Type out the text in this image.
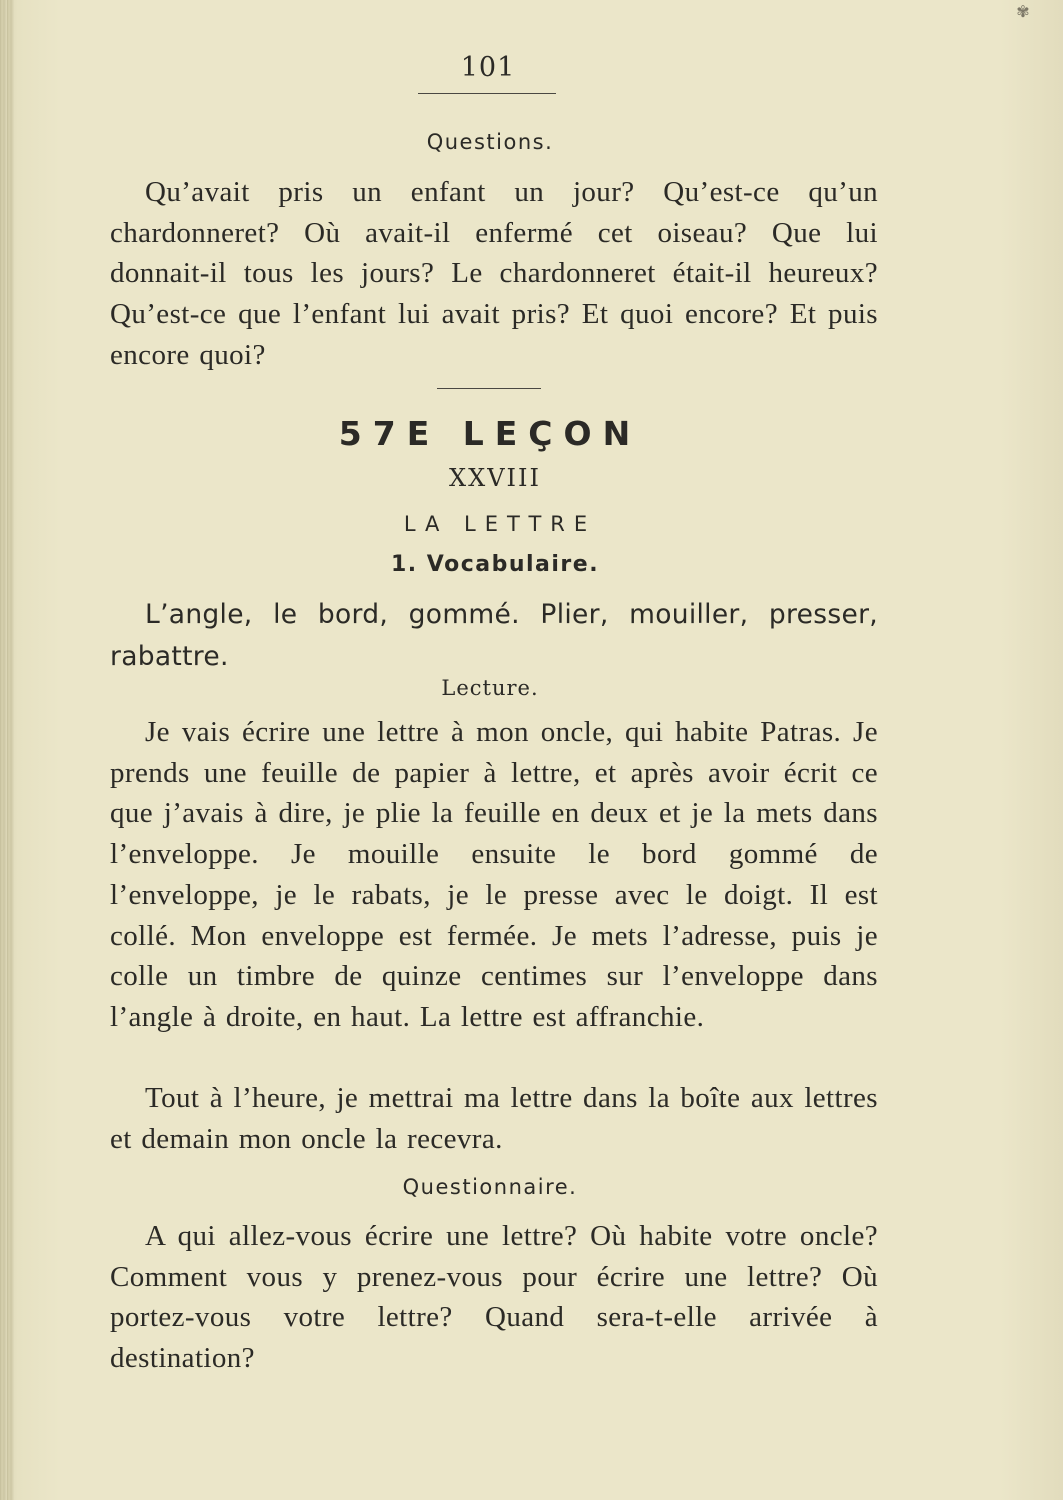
✾
101
Questions.

Qu’avait pris un enfant un jour? Qu’est-ce qu’un chardonneret? Où avait-il enfermé cet oiseau? Que lui donnait-il tous les jours? Le chardonneret était-il heureux? Qu’est-ce que l’enfant lui avait pris? Et quoi encore? Et puis encore quoi?

57E LEÇON
XXVIII
LA LETTRE
1. Vocabulaire.

L’angle, le bord, gommé. Plier, mouiller, presser, rabattre.

Lecture.

Je vais écrire une lettre à mon oncle, qui habite Patras. Je prends une feuille de papier à lettre, et après avoir écrit ce que j’avais à dire, je plie la feuille en deux et je la mets dans l’enveloppe. Je mouille ensuite le bord gommé de l’enveloppe, je le rabats, je le presse avec le doigt. Il est collé. Mon enveloppe est fermée. Je mets l’adresse, puis je colle un timbre de quinze centimes sur l’enveloppe dans l’angle à droite, en haut. La lettre est affranchie.

Tout à l’heure, je mettrai ma lettre dans la boîte aux lettres et demain mon oncle la recevra.

Questionnaire.

A qui allez-vous écrire une lettre? Où habite votre oncle? Comment vous y prenez-vous pour écrire une lettre? Où portez-vous votre lettre? Quand sera-t-elle arrivée à destination?
